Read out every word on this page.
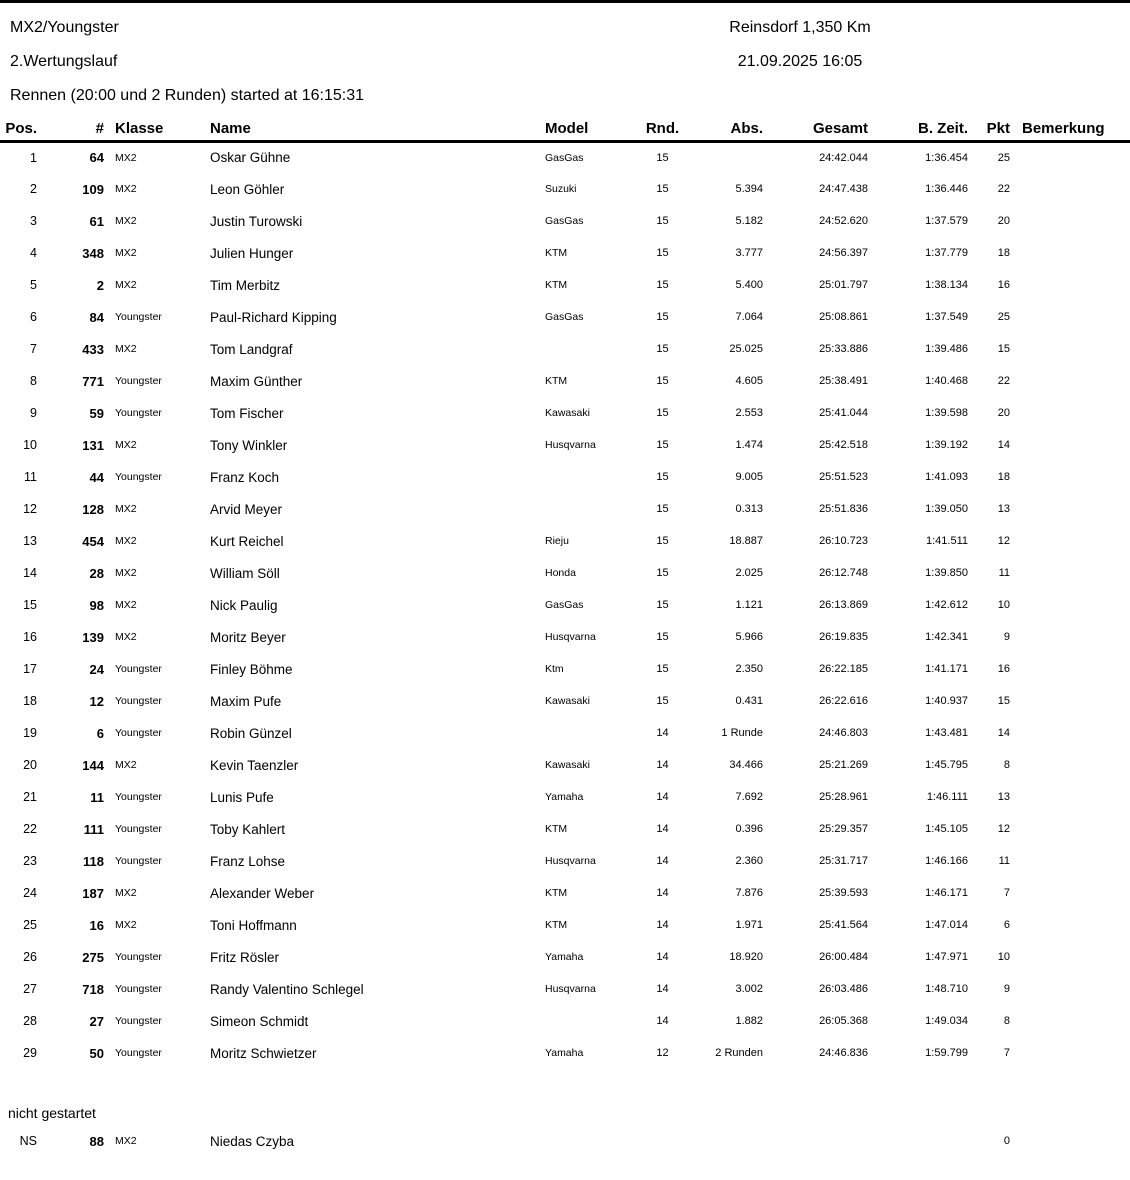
MX2/Youngster
2.Wertungslauf
Reinsdorf 1,350 Km
21.09.2025 16:05
Rennen (20:00 und 2 Runden) started at 16:15:31
Pos.	#	Klasse	Name	Model	Rnd.	Abs.	Gesamt	B. Zeit.	Pkt	Bemerkung
1	64	MX2	Oskar Gühne	GasGas	15		24:42.044	1:36.454	25	
2	109	MX2	Leon Göhler	Suzuki	15	5.394	24:47.438	1:36.446	22	
3	61	MX2	Justin Turowski	GasGas	15	5.182	24:52.620	1:37.579	20	
4	348	MX2	Julien Hunger	KTM	15	3.777	24:56.397	1:37.779	18	
5	2	MX2	Tim Merbitz	KTM	15	5.400	25:01.797	1:38.134	16	
6	84	Youngster	Paul-Richard Kipping	GasGas	15	7.064	25:08.861	1:37.549	25	
7	433	MX2	Tom Landgraf		15	25.025	25:33.886	1:39.486	15	
8	771	Youngster	Maxim Günther	KTM	15	4.605	25:38.491	1:40.468	22	
9	59	Youngster	Tom Fischer	Kawasaki	15	2.553	25:41.044	1:39.598	20	
10	131	MX2	Tony Winkler	Husqvarna	15	1.474	25:42.518	1:39.192	14	
11	44	Youngster	Franz Koch		15	9.005	25:51.523	1:41.093	18	
12	128	MX2	Arvid Meyer		15	0.313	25:51.836	1:39.050	13	
13	454	MX2	Kurt Reichel	Rieju	15	18.887	26:10.723	1:41.511	12	
14	28	MX2	William Söll	Honda	15	2.025	26:12.748	1:39.850	11	
15	98	MX2	Nick Paulig	GasGas	15	1.121	26:13.869	1:42.612	10	
16	139	MX2	Moritz Beyer	Husqvarna	15	5.966	26:19.835	1:42.341	9	
17	24	Youngster	Finley Böhme	Ktm	15	2.350	26:22.185	1:41.171	16	
18	12	Youngster	Maxim Pufe	Kawasaki	15	0.431	26:22.616	1:40.937	15	
19	6	Youngster	Robin Günzel		14	1 Runde	24:46.803	1:43.481	14	
20	144	MX2	Kevin Taenzler	Kawasaki	14	34.466	25:21.269	1:45.795	8	
21	11	Youngster	Lunis Pufe	Yamaha	14	7.692	25:28.961	1:46.111	13	
22	111	Youngster	Toby Kahlert	KTM	14	0.396	25:29.357	1:45.105	12	
23	118	Youngster	Franz Lohse	Husqvarna	14	2.360	25:31.717	1:46.166	11	
24	187	MX2	Alexander Weber	KTM	14	7.876	25:39.593	1:46.171	7	
25	16	MX2	Toni Hoffmann	KTM	14	1.971	25:41.564	1:47.014	6	
26	275	Youngster	Fritz Rösler	Yamaha	14	18.920	26:00.484	1:47.971	10	
27	718	Youngster	Randy Valentino Schlegel	Husqvarna	14	3.002	26:03.486	1:48.710	9	
28	27	Youngster	Simeon Schmidt		14	1.882	26:05.368	1:49.034	8	
29	50	Youngster	Moritz Schwietzer	Yamaha	12	2 Runden	24:46.836	1:59.799	7	
nicht gestartet
NS	88	MX2	Niedas Czyba						0	
